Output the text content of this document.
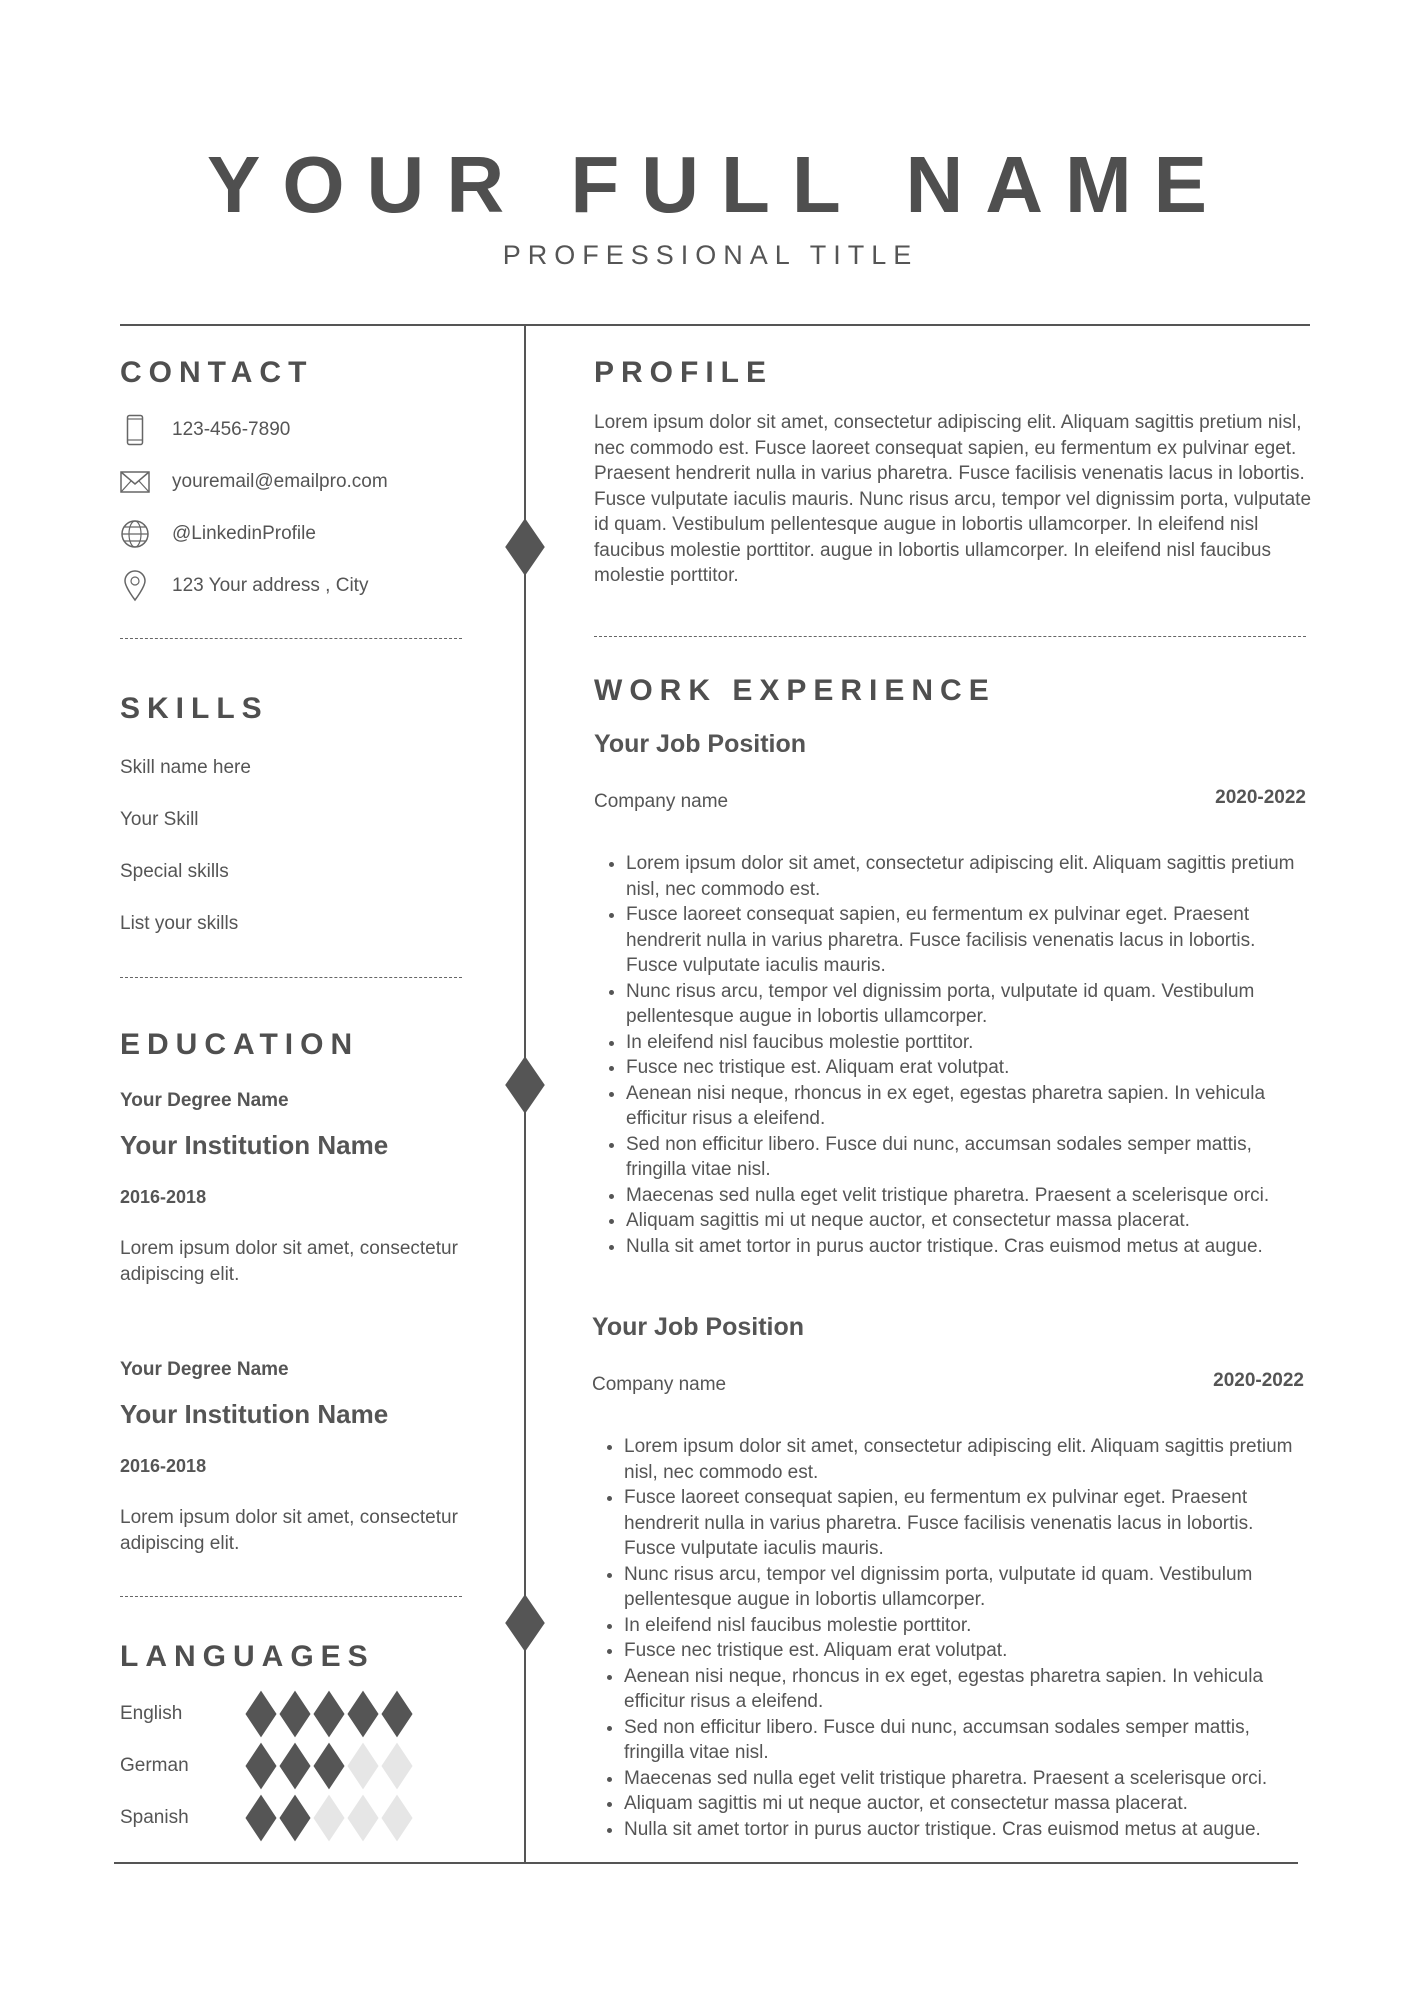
YOUR FULL NAME
PROFESSIONAL TITLE
CONTACT
123-456-7890
youremail@emailpro.com
@LinkedinProfile
123 Your address , City
SKILLS
Skill name here
Your Skill
Special skills
List your skills
EDUCATION
Your Degree Name
Your Institution Name
2016-2018
Lorem ipsum dolor sit amet, consectetur adipiscing elit.
Your Degree Name
Your Institution Name
2016-2018
Lorem ipsum dolor sit amet, consectetur adipiscing elit.
LANGUAGES
English
German
Spanish
PROFILE
Lorem ipsum dolor sit amet, consectetur adipiscing elit. Aliquam sagittis pretium nisl, nec commodo est. Fusce laoreet consequat sapien, eu fermentum ex pulvinar eget. Praesent hendrerit nulla in varius pharetra. Fusce facilisis venenatis lacus in lobortis. Fusce vulputate iaculis mauris. Nunc risus arcu, tempor vel dignissim porta, vulputate id quam. Vestibulum pellentesque augue in lobortis ullamcorper. In eleifend nisl faucibus molestie porttitor. augue in lobortis ullamcorper. In eleifend nisl faucibus molestie porttitor.
WORK EXPERIENCE
Your Job Position
Company name	2020-2022
• Lorem ipsum dolor sit amet, consectetur adipiscing elit. Aliquam sagittis pretium nisl, nec commodo est.
• Fusce laoreet consequat sapien, eu fermentum ex pulvinar eget. Praesent hendrerit nulla in varius pharetra. Fusce facilisis venenatis lacus in lobortis. Fusce vulputate iaculis mauris.
• Nunc risus arcu, tempor vel dignissim porta, vulputate id quam. Vestibulum pellentesque augue in lobortis ullamcorper.
• In eleifend nisl faucibus molestie porttitor.
• Fusce nec tristique est. Aliquam erat volutpat.
• Aenean nisi neque, rhoncus in ex eget, egestas pharetra sapien. In vehicula efficitur risus a eleifend.
• Sed non efficitur libero. Fusce dui nunc, accumsan sodales semper mattis, fringilla vitae nisl.
• Maecenas sed nulla eget velit tristique pharetra. Praesent a scelerisque orci.
• Aliquam sagittis mi ut neque auctor, et consectetur massa placerat.
• Nulla sit amet tortor in purus auctor tristique. Cras euismod metus at augue.
Your Job Position
Company name	2020-2022
• Lorem ipsum dolor sit amet, consectetur adipiscing elit. Aliquam sagittis pretium nisl, nec commodo est.
• Fusce laoreet consequat sapien, eu fermentum ex pulvinar eget. Praesent hendrerit nulla in varius pharetra. Fusce facilisis venenatis lacus in lobortis. Fusce vulputate iaculis mauris.
• Nunc risus arcu, tempor vel dignissim porta, vulputate id quam. Vestibulum pellentesque augue in lobortis ullamcorper.
• In eleifend nisl faucibus molestie porttitor.
• Fusce nec tristique est. Aliquam erat volutpat.
• Aenean nisi neque, rhoncus in ex eget, egestas pharetra sapien. In vehicula efficitur risus a eleifend.
• Sed non efficitur libero. Fusce dui nunc, accumsan sodales semper mattis, fringilla vitae nisl.
• Maecenas sed nulla eget velit tristique pharetra. Praesent a scelerisque orci.
• Aliquam sagittis mi ut neque auctor, et consectetur massa placerat.
• Nulla sit amet tortor in purus auctor tristique. Cras euismod metus at augue.
